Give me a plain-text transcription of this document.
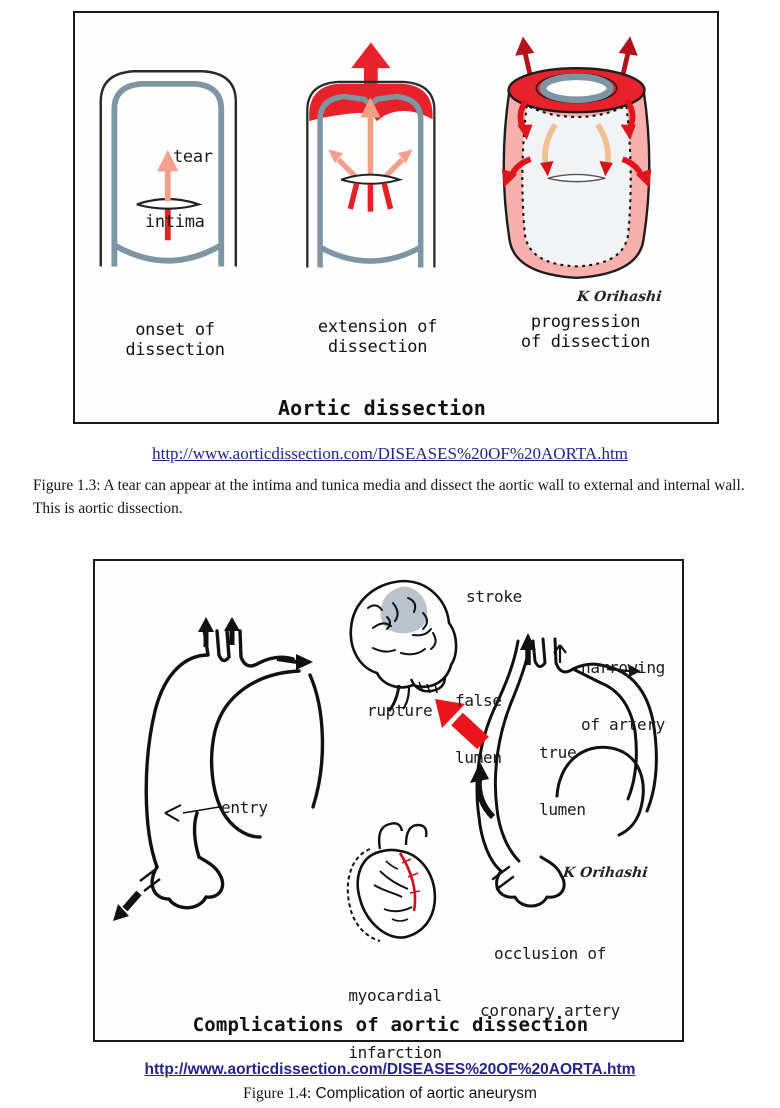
tear
intima
K Orihashi
onset of
dissection
extension of
dissection
progression
of dissection
Aortic dissection
http://www.aorticdissection.com/DISEASES%20OF%20AORTA.htm
Figure 1.3: A tear can appear at the intima and tunica media and dissect the aortic wall to external and internal wall. This is aortic dissection.
stroke

false

lumen

narrowing

of artery

rupture

true

lumen

entry

occlusion of

coronary artery

myocardial

infarction

K Orihashi
Complications of aortic dissection
http://www.aorticdissection.com/DISEASES%20OF%20AORTA.htm
Figure 1.4: Complication of aortic aneurysm
